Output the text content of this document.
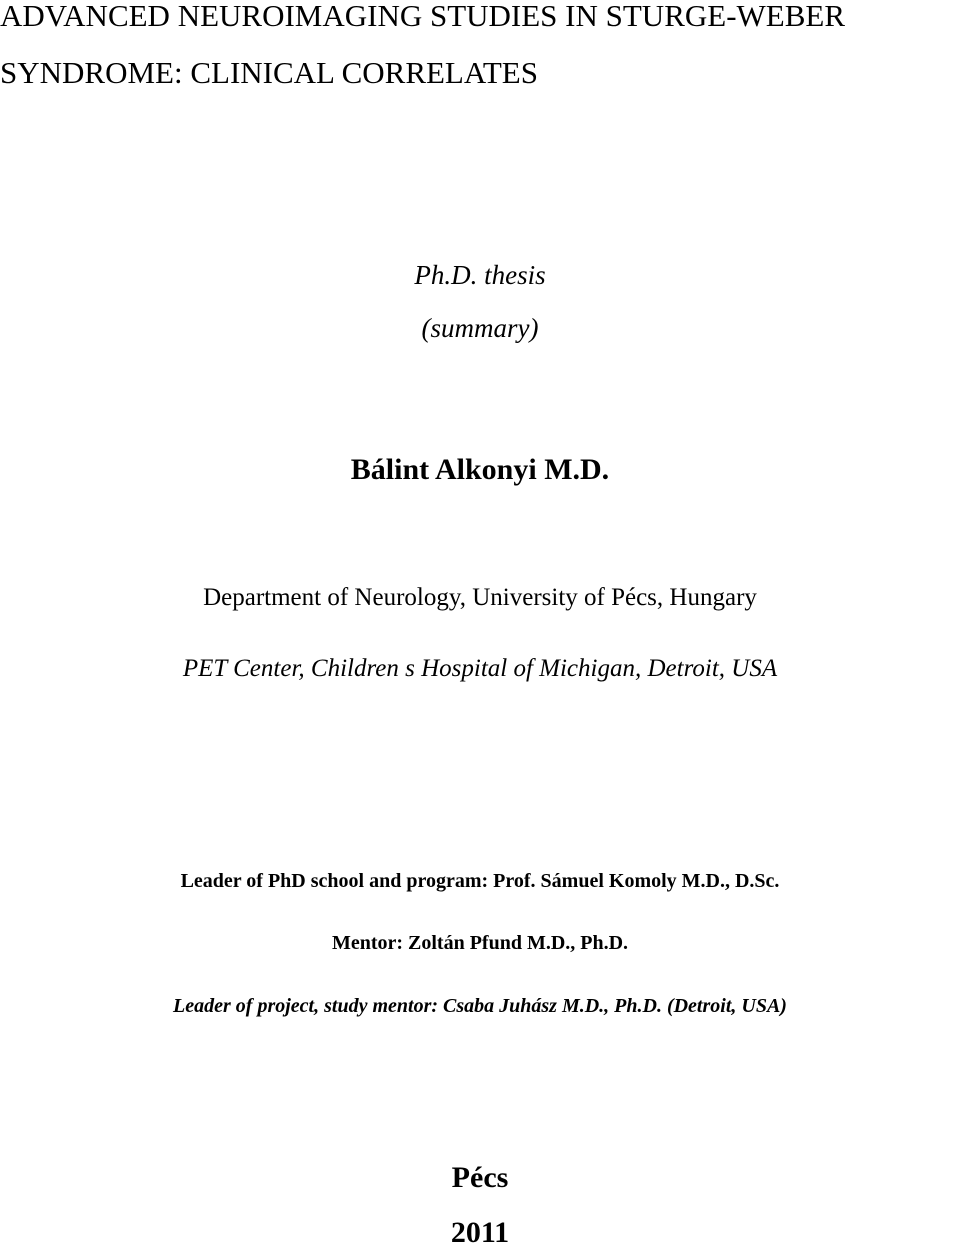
ADVANCED NEUROIMAGING STUDIES IN STURGE-WEBER
SYNDROME: CLINICAL CORRELATES
Ph.D. thesis
(summary)
Bálint Alkonyi M.D.
Department of Neurology, University of Pécs, Hungary
PET Center, Children s Hospital of Michigan, Detroit, USA
Leader of PhD school and program: Prof. Sámuel Komoly M.D., D.Sc.
Mentor: Zoltán Pfund M.D., Ph.D.
Leader of project, study mentor: Csaba Juhász M.D., Ph.D. (Detroit, USA)
Pécs
2011
